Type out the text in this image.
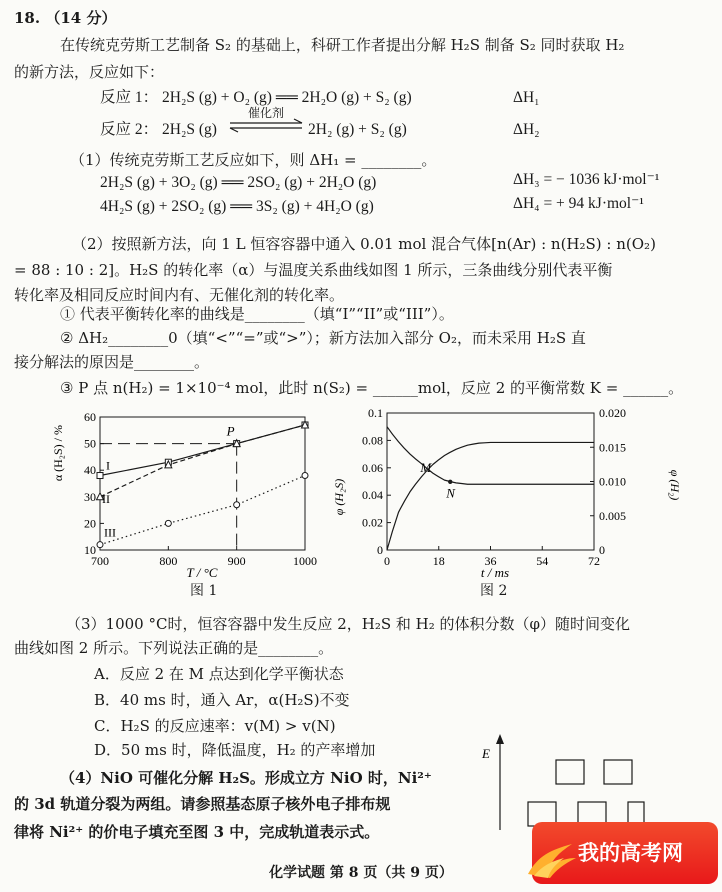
18. （14 分）
在传统克劳斯工艺制备 S₂ 的基础上，科研工作者提出分解 H₂S 制备 S₂ 同时获取 H₂
的新方法，反应如下：
反应 1： 2H₂S (g) + O₂ (g) ══ 2H₂O (g) + S₂ (g)	ΔH₁
反应 2： 2H₂S (g)
催化剂
2H₂ (g) + S₂ (g)	ΔH₂
（1）传统克劳斯工艺反应如下，则 ΔH₁ = ________。
2H₂S (g) + 3O₂ (g) ══ 2SO₂ (g) + 2H₂O (g)	ΔH₃ = − 1036 kJ·mol⁻¹
4H₂S (g) + 2SO₂ (g) ══ 3S₂ (g) + 4H₂O (g)	ΔH₄ = + 94 kJ·mol⁻¹
（2）按照新方法，向 1 L 恒容容器中通入 0.01 mol 混合气体[n(Ar) : n(H₂S) : n(O₂)
= 88 : 10 : 2]。H₂S 的转化率（α）与温度关系曲线如图 1 所示，三条曲线分别代表平衡
转化率及相同反应时间内有、无催化剂的转化率。
① 代表平衡转化率的曲线是________（填“I”“II”或“III”）。
② ΔH₂________0（填“<”“=”或“>”）；新方法加入部分 O₂，而未采用 H₂S 直
接分解法的原因是________。
③ P 点 n(H₂) = 1×10⁻⁴ mol，此时 n(S₂) = ______mol，反应 2 的平衡常数 K = ______。
700	800	900	1000
10
20
30
40
50
60
α (H₂S) / %	I
II
III
P
T / °C
图 1
0	18	36	54	72
0
0.02
0.04
0.06
0.08
0.1
0
0.005
0.010
0.015
0.020
φ (H₂S)	φ (H₂)
M
N
t / ms
图 2
（3）1000 °C时，恒容容器中发生反应 2，H₂S 和 H₂ 的体积分数（φ）随时间变化
曲线如图 2 所示。下列说法正确的是________。
A．反应 2 在 M 点达到化学平衡状态
B．40 ms 时，通入 Ar，α(H₂S)不变
C．H₂S 的反应速率：v(M) > v(N)
D．50 ms 时，降低温度，H₂ 的产率增加
（4）NiO 可催化分解 H₂S。形成立方 NiO 时，Ni²⁺
的 3d 轨道分裂为两组。请参照基态原子核外电子排布规
律将 Ni²⁺ 的价电子填充至图 3 中，完成轨道表示式。
E
化学试题 第 8 页（共 9 页）
我的高考网
